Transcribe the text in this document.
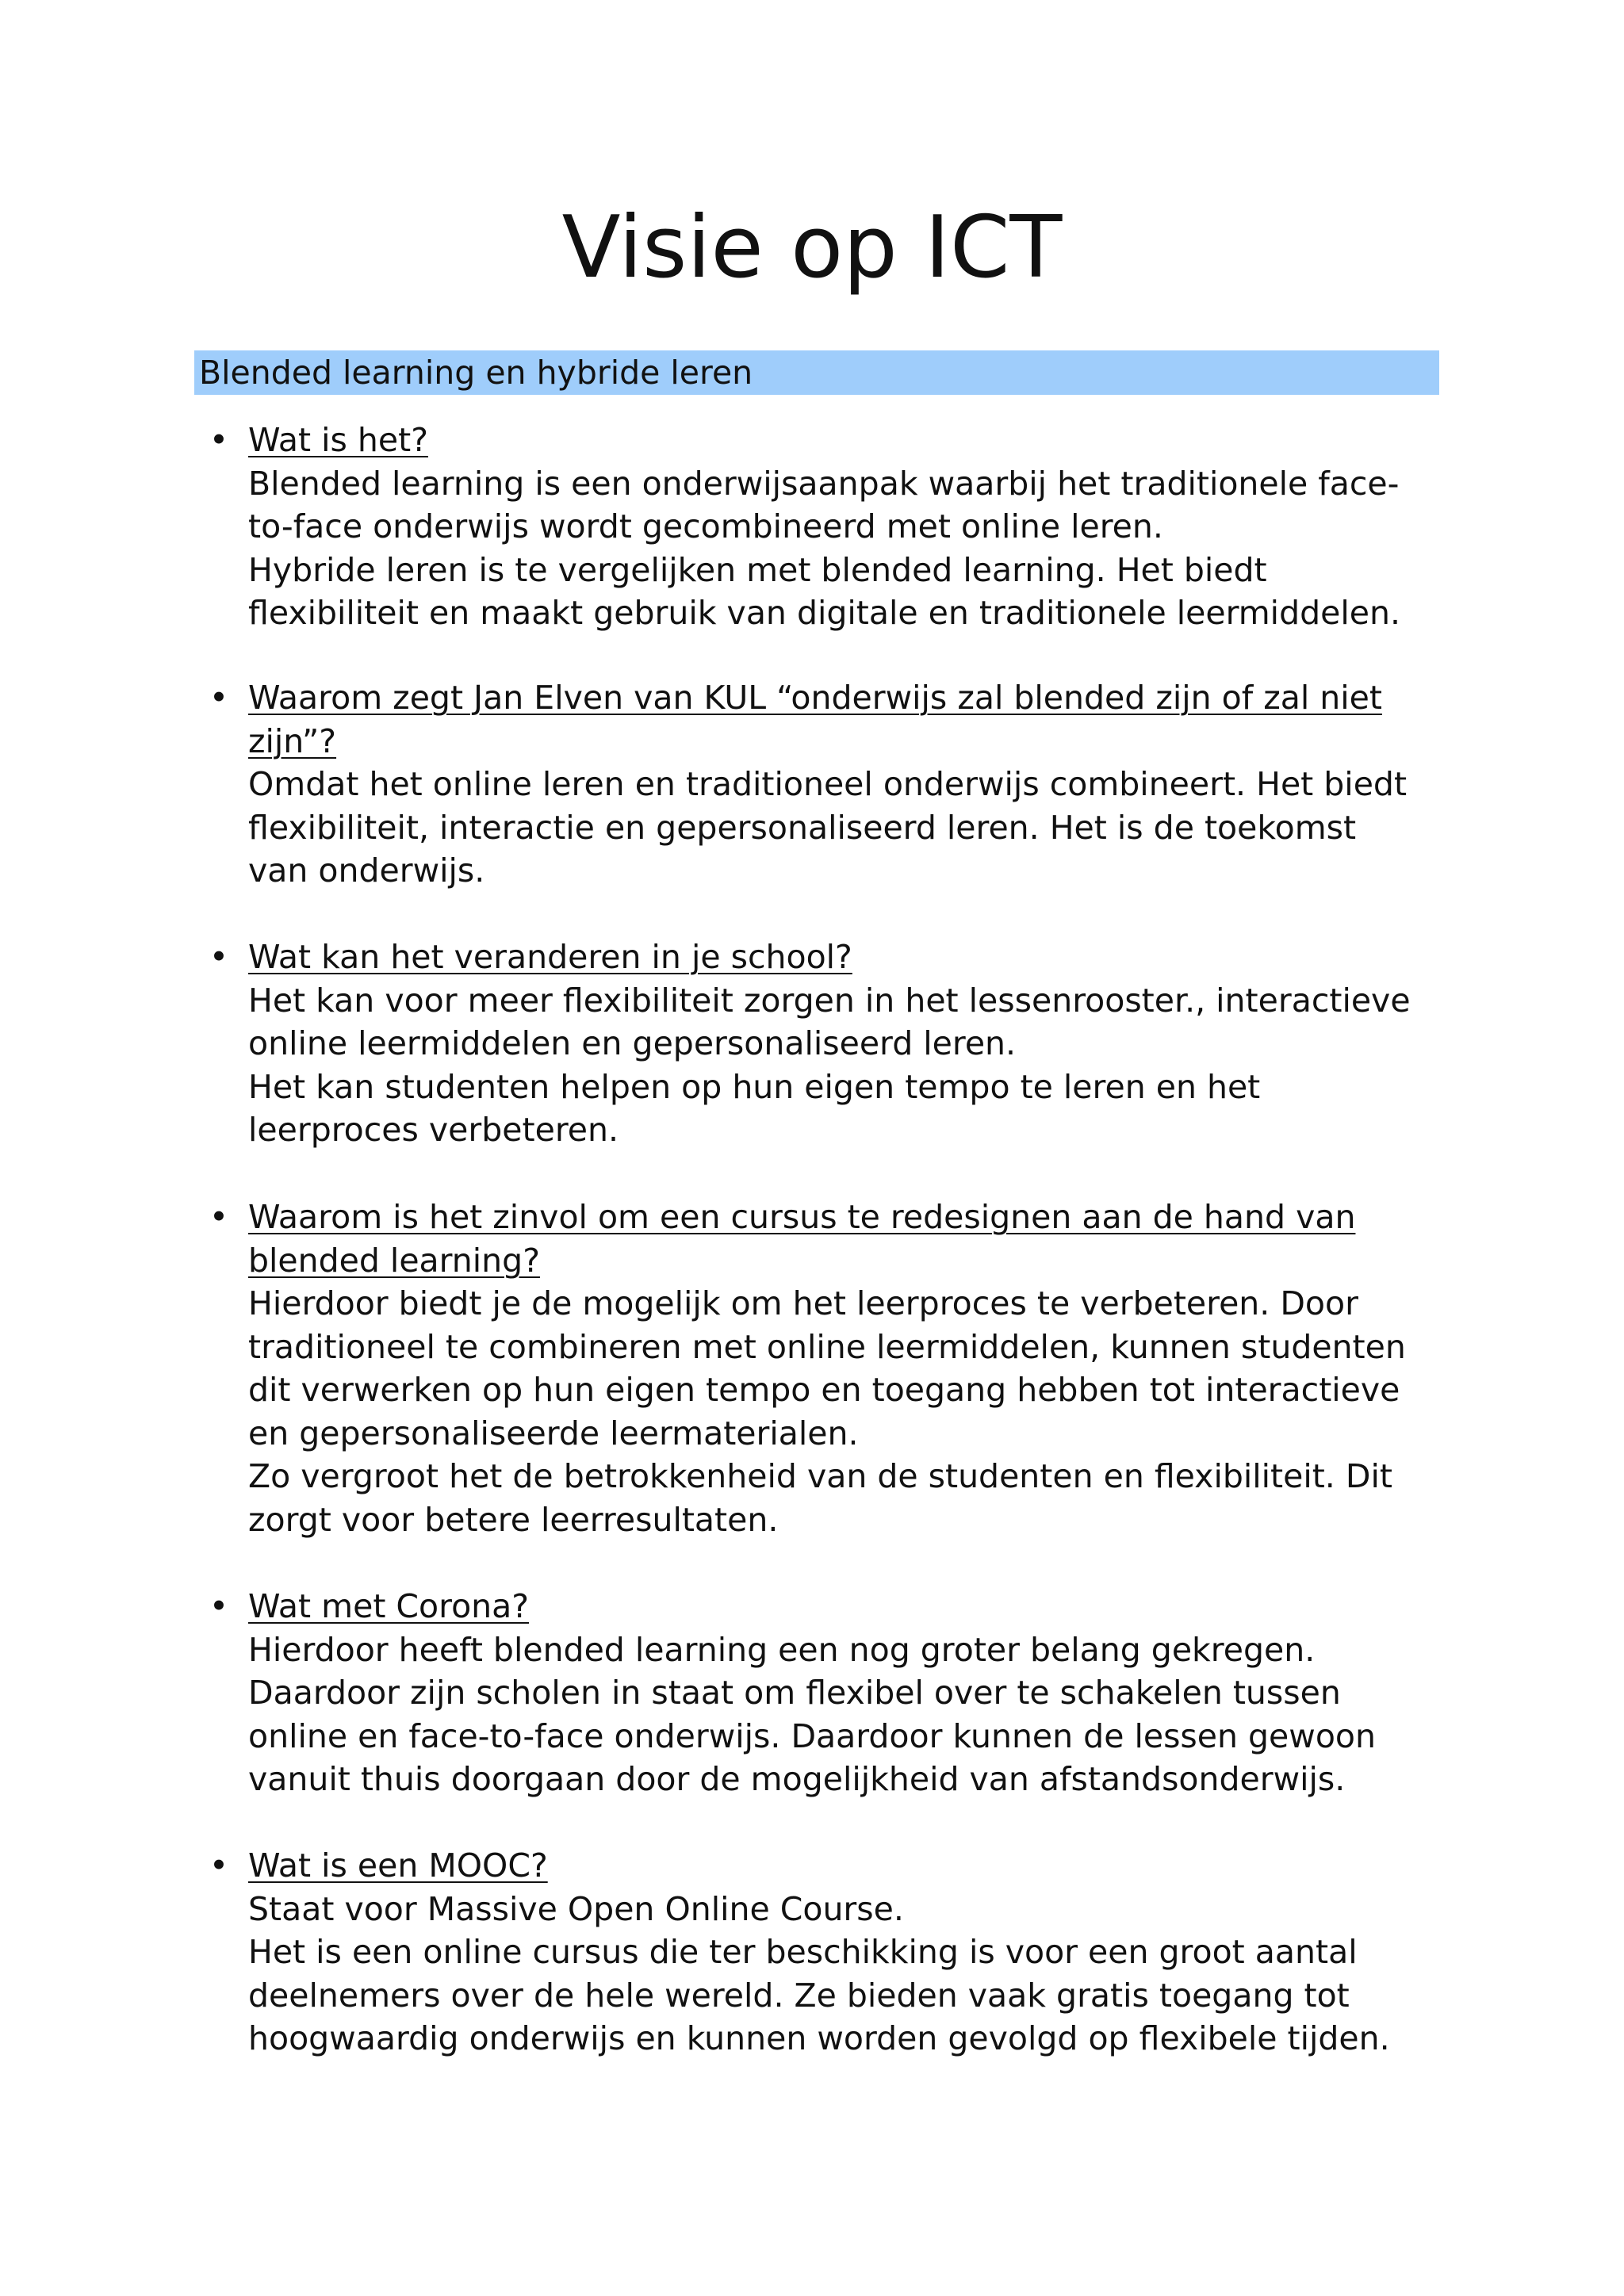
Visie op ICT
Blended learning en hybride leren
• Wat is het?
Blended learning is een onderwijsaanpak waarbij het traditionele face-
to-face onderwijs wordt gecombineerd met online leren.
Hybride leren is te vergelijken met blended learning. Het biedt
flexibiliteit en maakt gebruik van digitale en traditionele leermiddelen.
• Waarom zegt Jan Elven van KUL “onderwijs zal blended zijn of zal niet
zijn”?
Omdat het online leren en traditioneel onderwijs combineert. Het biedt
flexibiliteit, interactie en gepersonaliseerd leren. Het is de toekomst
van onderwijs.
• Wat kan het veranderen in je school?
Het kan voor meer flexibiliteit zorgen in het lessenrooster., interactieve
online leermiddelen en gepersonaliseerd leren.
Het kan studenten helpen op hun eigen tempo te leren en het
leerproces verbeteren.
• Waarom is het zinvol om een cursus te redesignen aan de hand van
blended learning?
Hierdoor biedt je de mogelijk om het leerproces te verbeteren. Door
traditioneel te combineren met online leermiddelen, kunnen studenten
dit verwerken op hun eigen tempo en toegang hebben tot interactieve
en gepersonaliseerde leermaterialen.
Zo vergroot het de betrokkenheid van de studenten en flexibiliteit. Dit
zorgt voor betere leerresultaten.
• Wat met Corona?
Hierdoor heeft blended learning een nog groter belang gekregen.
Daardoor zijn scholen in staat om flexibel over te schakelen tussen
online en face-to-face onderwijs. Daardoor kunnen de lessen gewoon
vanuit thuis doorgaan door de mogelijkheid van afstandsonderwijs.
• Wat is een MOOC?
Staat voor Massive Open Online Course.
Het is een online cursus die ter beschikking is voor een groot aantal
deelnemers over de hele wereld. Ze bieden vaak gratis toegang tot
hoogwaardig onderwijs en kunnen worden gevolgd op flexibele tijden.
